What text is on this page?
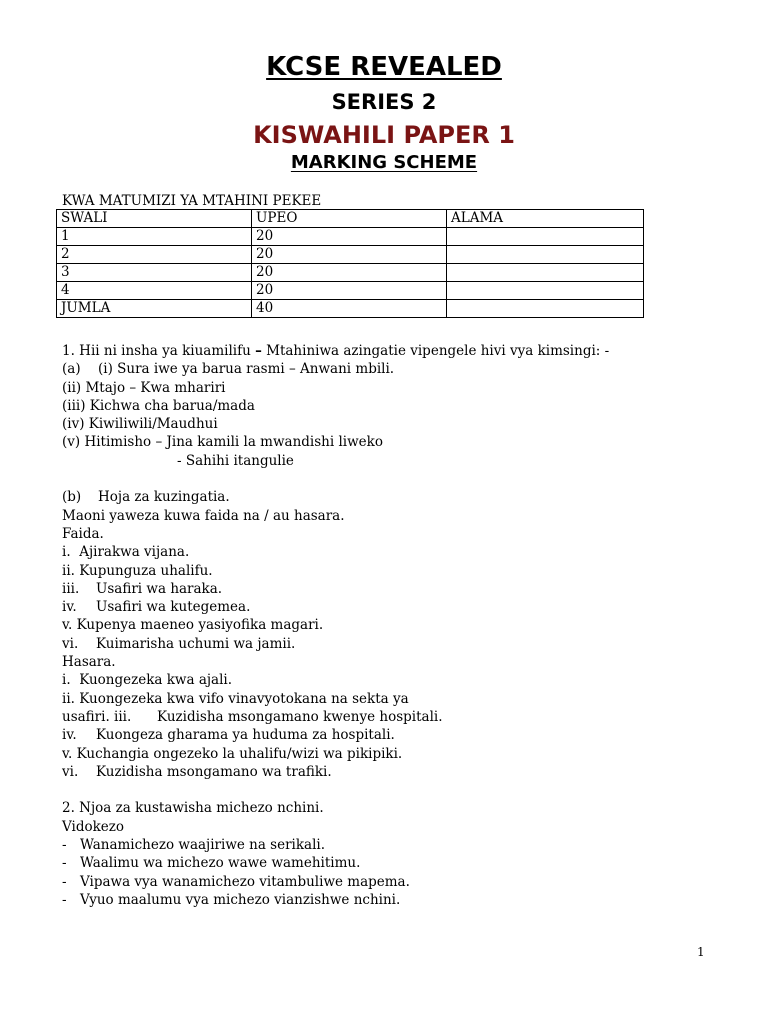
KCSE REVEALED
SERIES 2
KISWAHILI PAPER 1
MARKING SCHEME
KWA MATUMIZI YA MTAHINI PEKEE
SWALI	UPEO	ALAMA
1	20	
2	20	
3	20	
4	20	
JUMLA	40	
1. Hii ni insha ya kiuamilifu – Mtahiniwa azingatie vipengele hivi vya kimsingi: -
(a) (i) Sura iwe ya barua rasmi – Anwani mbili.
(ii) Mtajo – Kwa mhariri
(iii) Kichwa cha barua/mada
(iv) Kiwiliwili/Maudhui
(v) Hitimisho – Jina kamili la mwandishi liweko
- Sahihi itangulie
(b) Hoja za kuzingatia.
Maoni yaweza kuwa faida na / au hasara.
Faida.
i. Ajirakwa vijana.
ii. Kupunguza uhalifu.
iii. Usafiri wa haraka.
iv. Usafiri wa kutegemea.
v. Kupenya maeneo yasiyofika magari.
vi. Kuimarisha uchumi wa jamii.
Hasara.
i.  Kuongezeka kwa ajali.
ii. Kuongezeka kwa vifo vinavyotokana na sekta ya
usafiri. iii. Kuzidisha msongamano kwenye hospitali.
iv. Kuongeza gharama ya huduma za hospitali.
v. Kuchangia ongezeko la uhalifu/wizi wa pikipiki.
vi. Kuzidisha msongamano wa trafiki.
2. Njoa za kustawisha michezo nchini.
Vidokezo
- Wanamichezo waajiriwe na serikali.
- Waalimu wa michezo wawe wamehitimu.
- Vipawa vya wanamichezo vitambuliwe mapema.
- Vyuo maalumu vya michezo vianzishwe nchini.
1
